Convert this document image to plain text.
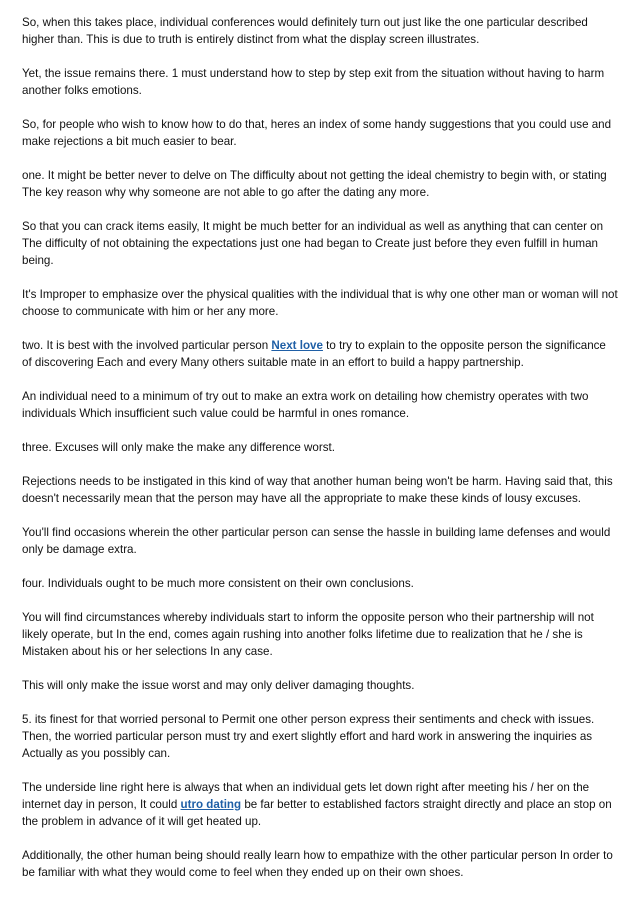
So, when this takes place, individual conferences would definitely turn out just like the one particular described higher than. This is due to truth is entirely distinct from what the display screen illustrates.

Yet, the issue remains there. 1 must understand how to step by step exit from the situation without having to harm another folks emotions.

So, for people who wish to know how to do that, heres an index of some handy suggestions that you could use and make rejections a bit much easier to bear.

one. It might be better never to delve on The difficulty about not getting the ideal chemistry to begin with, or stating The key reason why why someone are not able to go after the dating any more.

So that you can crack items easily, It might be much better for an individual as well as anything that can center on The difficulty of not obtaining the expectations just one had began to Create just before they even fulfill in human being.

It's Improper to emphasize over the physical qualities with the individual that is why one other man or woman will not choose to communicate with him or her any more.

two. It is best with the involved particular person Next love to try to explain to the opposite person the significance of discovering Each and every Many others suitable mate in an effort to build a happy partnership.

An individual need to a minimum of try out to make an extra work on detailing how chemistry operates with two individuals Which insufficient such value could be harmful in ones romance.

three. Excuses will only make the make any difference worst.

Rejections needs to be instigated in this kind of way that another human being won't be harm. Having said that, this doesn't necessarily mean that the person may have all the appropriate to make these kinds of lousy excuses.

You'll find occasions wherein the other particular person can sense the hassle in building lame defenses and would only be damage extra.

four. Individuals ought to be much more consistent on their own conclusions.

You will find circumstances whereby individuals start to inform the opposite person who their partnership will not likely operate, but In the end, comes again rushing into another folks lifetime due to realization that he / she is Mistaken about his or her selections In any case.

This will only make the issue worst and may only deliver damaging thoughts.

5. its finest for that worried personal to Permit one other person express their sentiments and check with issues. Then, the worried particular person must try and exert slightly effort and hard work in answering the inquiries as Actually as you possibly can.

The underside line right here is always that when an individual gets let down right after meeting his / her on the internet day in person, It could utro dating be far better to established factors straight directly and place an stop on the problem in advance of it will get heated up.

Additionally, the other human being should really learn how to empathize with the other particular person In order to be familiar with what they would come to feel when they ended up on their own shoes.
